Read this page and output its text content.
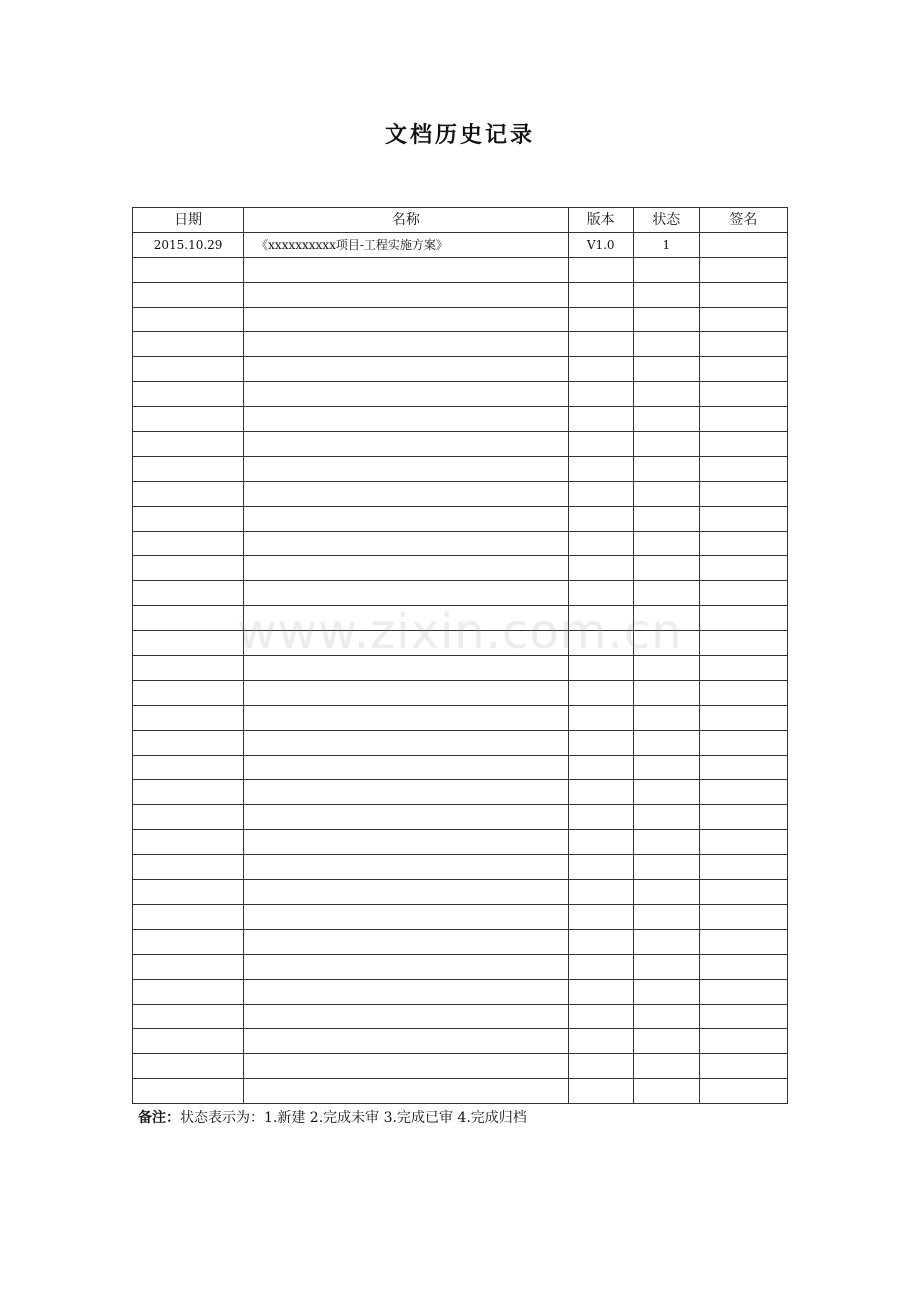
文档历史记录
日期	名称	版本	状态	签名
2015.10.29	《xxxxxxxxxx项目-工程实施方案》	V1.0	1	

备注：状态表示为：1.新建 2.完成未审 3.完成已审 4.完成归档
www.zixin.com.cn
